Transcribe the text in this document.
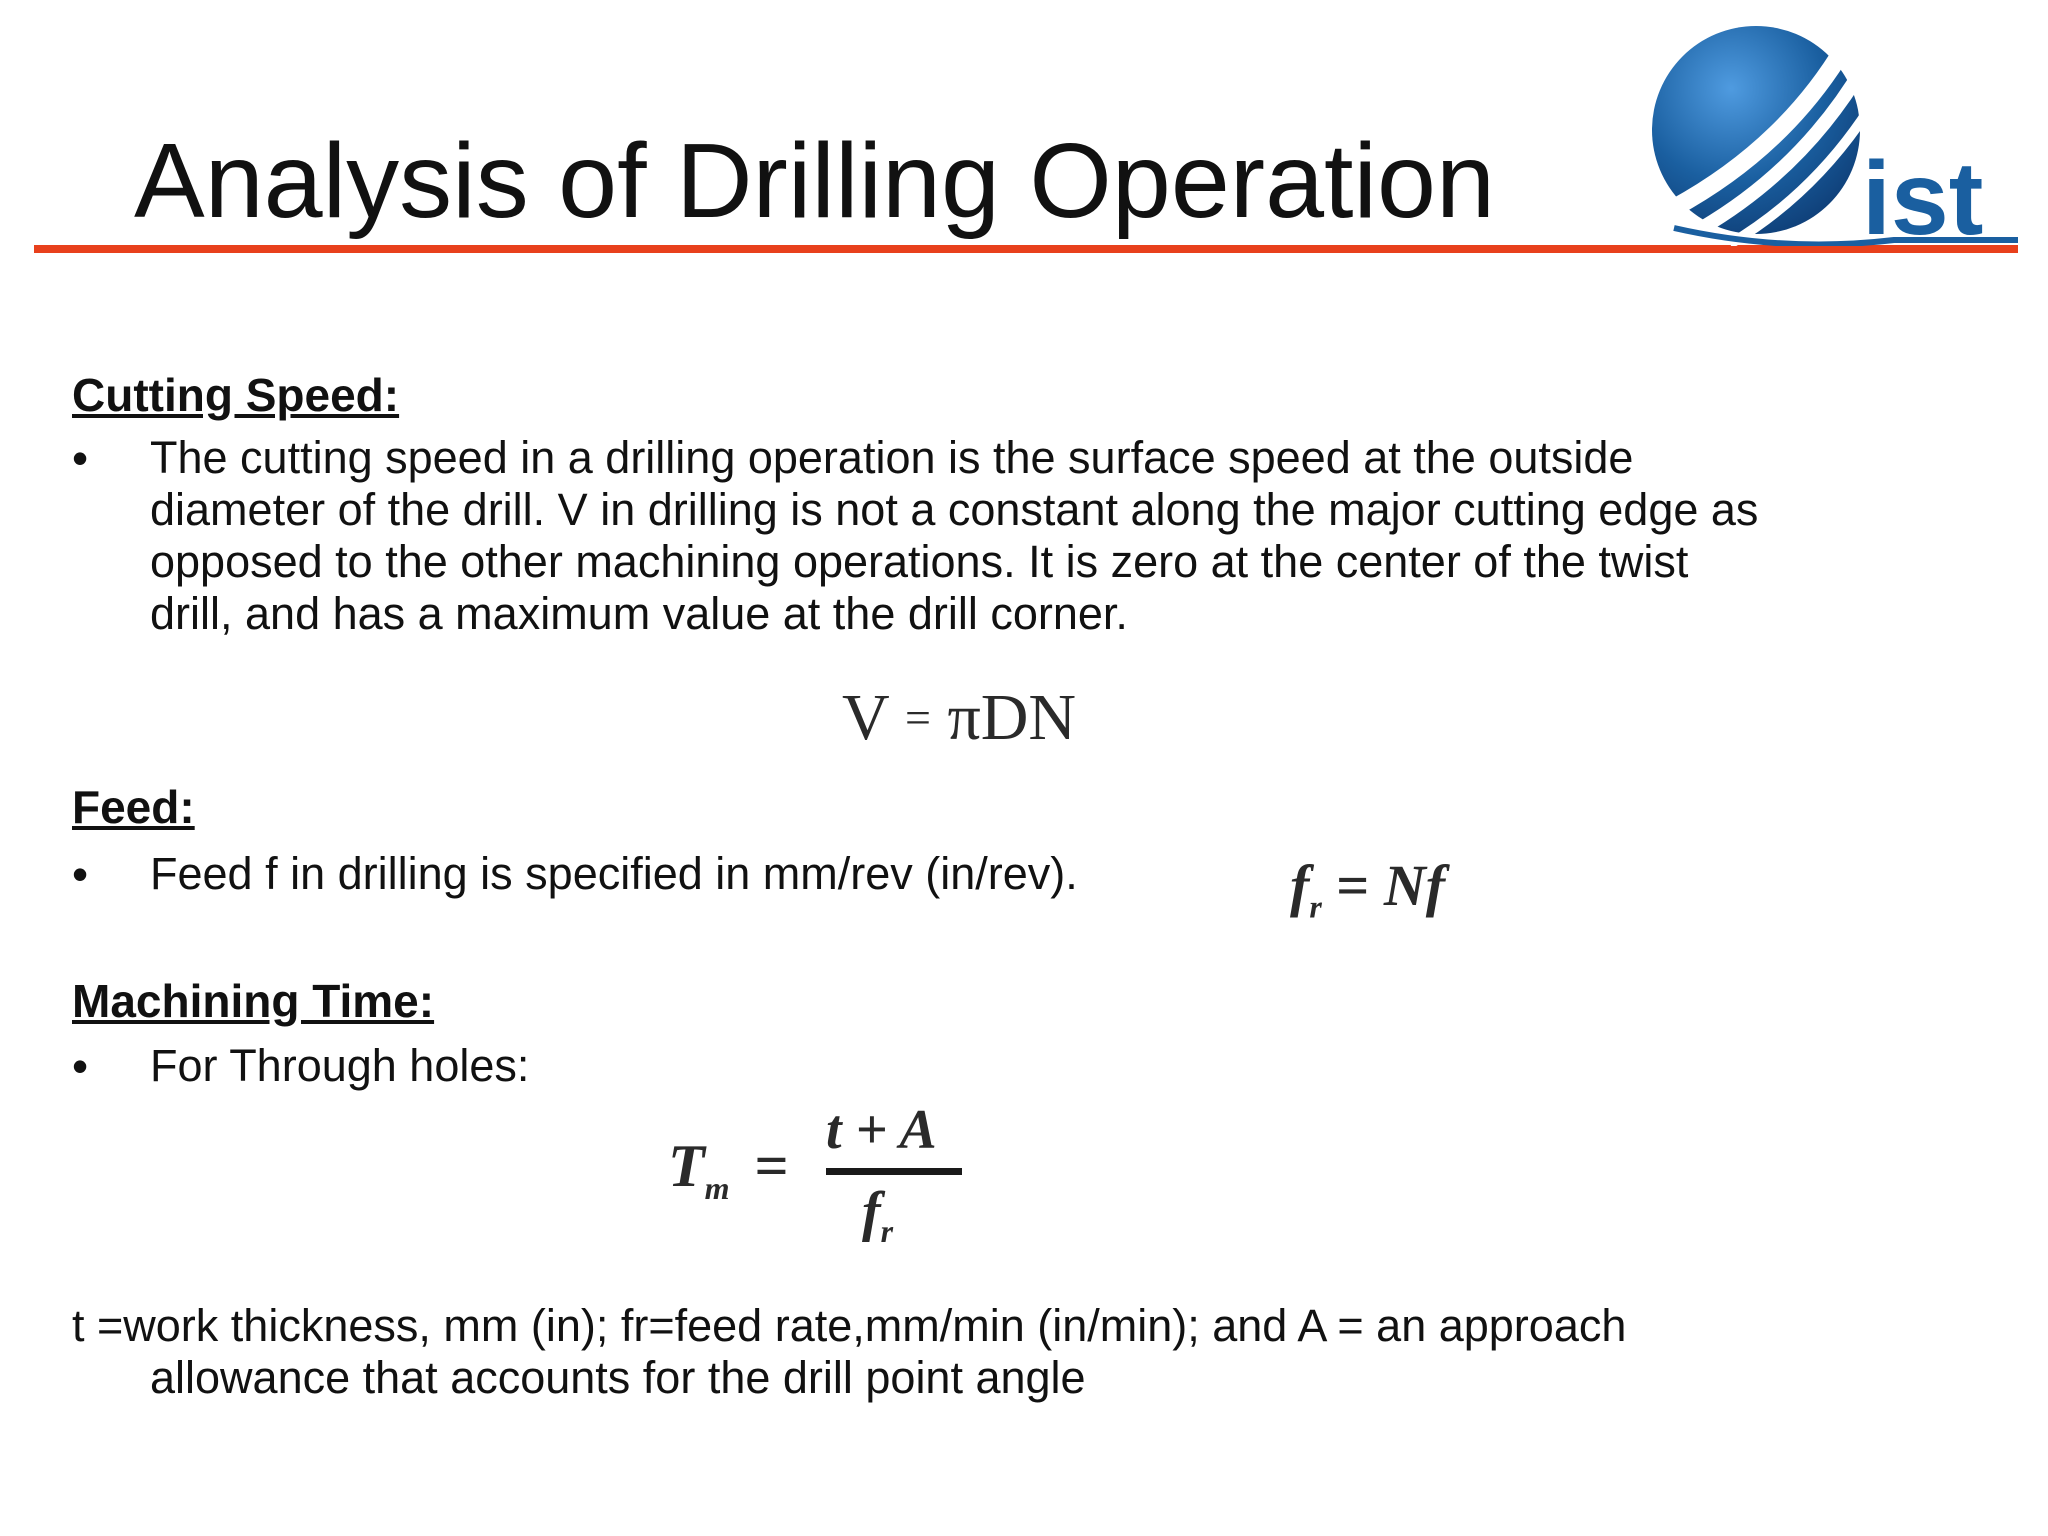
Analysis of Drilling Operation	ist
Cutting Speed:
•	The cutting speed in a drilling operation is the surface speed at the outside
diameter of the drill. V in drilling is not a constant along the major cutting edge as
opposed to the other machining operations. It is zero at the center of the twist
drill, and has a maximum value at the drill corner.
V = πDN
Feed:
•	Feed f in drilling is specified in mm/rev (in/rev).	$f_r = Nf$
Machining Time:
•	For Through holes:
$T_m$ =
t + A
$f_r$
t =work thickness, mm (in); fr=feed rate,mm/min (in/min); and A = an approach
allowance that accounts for the drill point angle
